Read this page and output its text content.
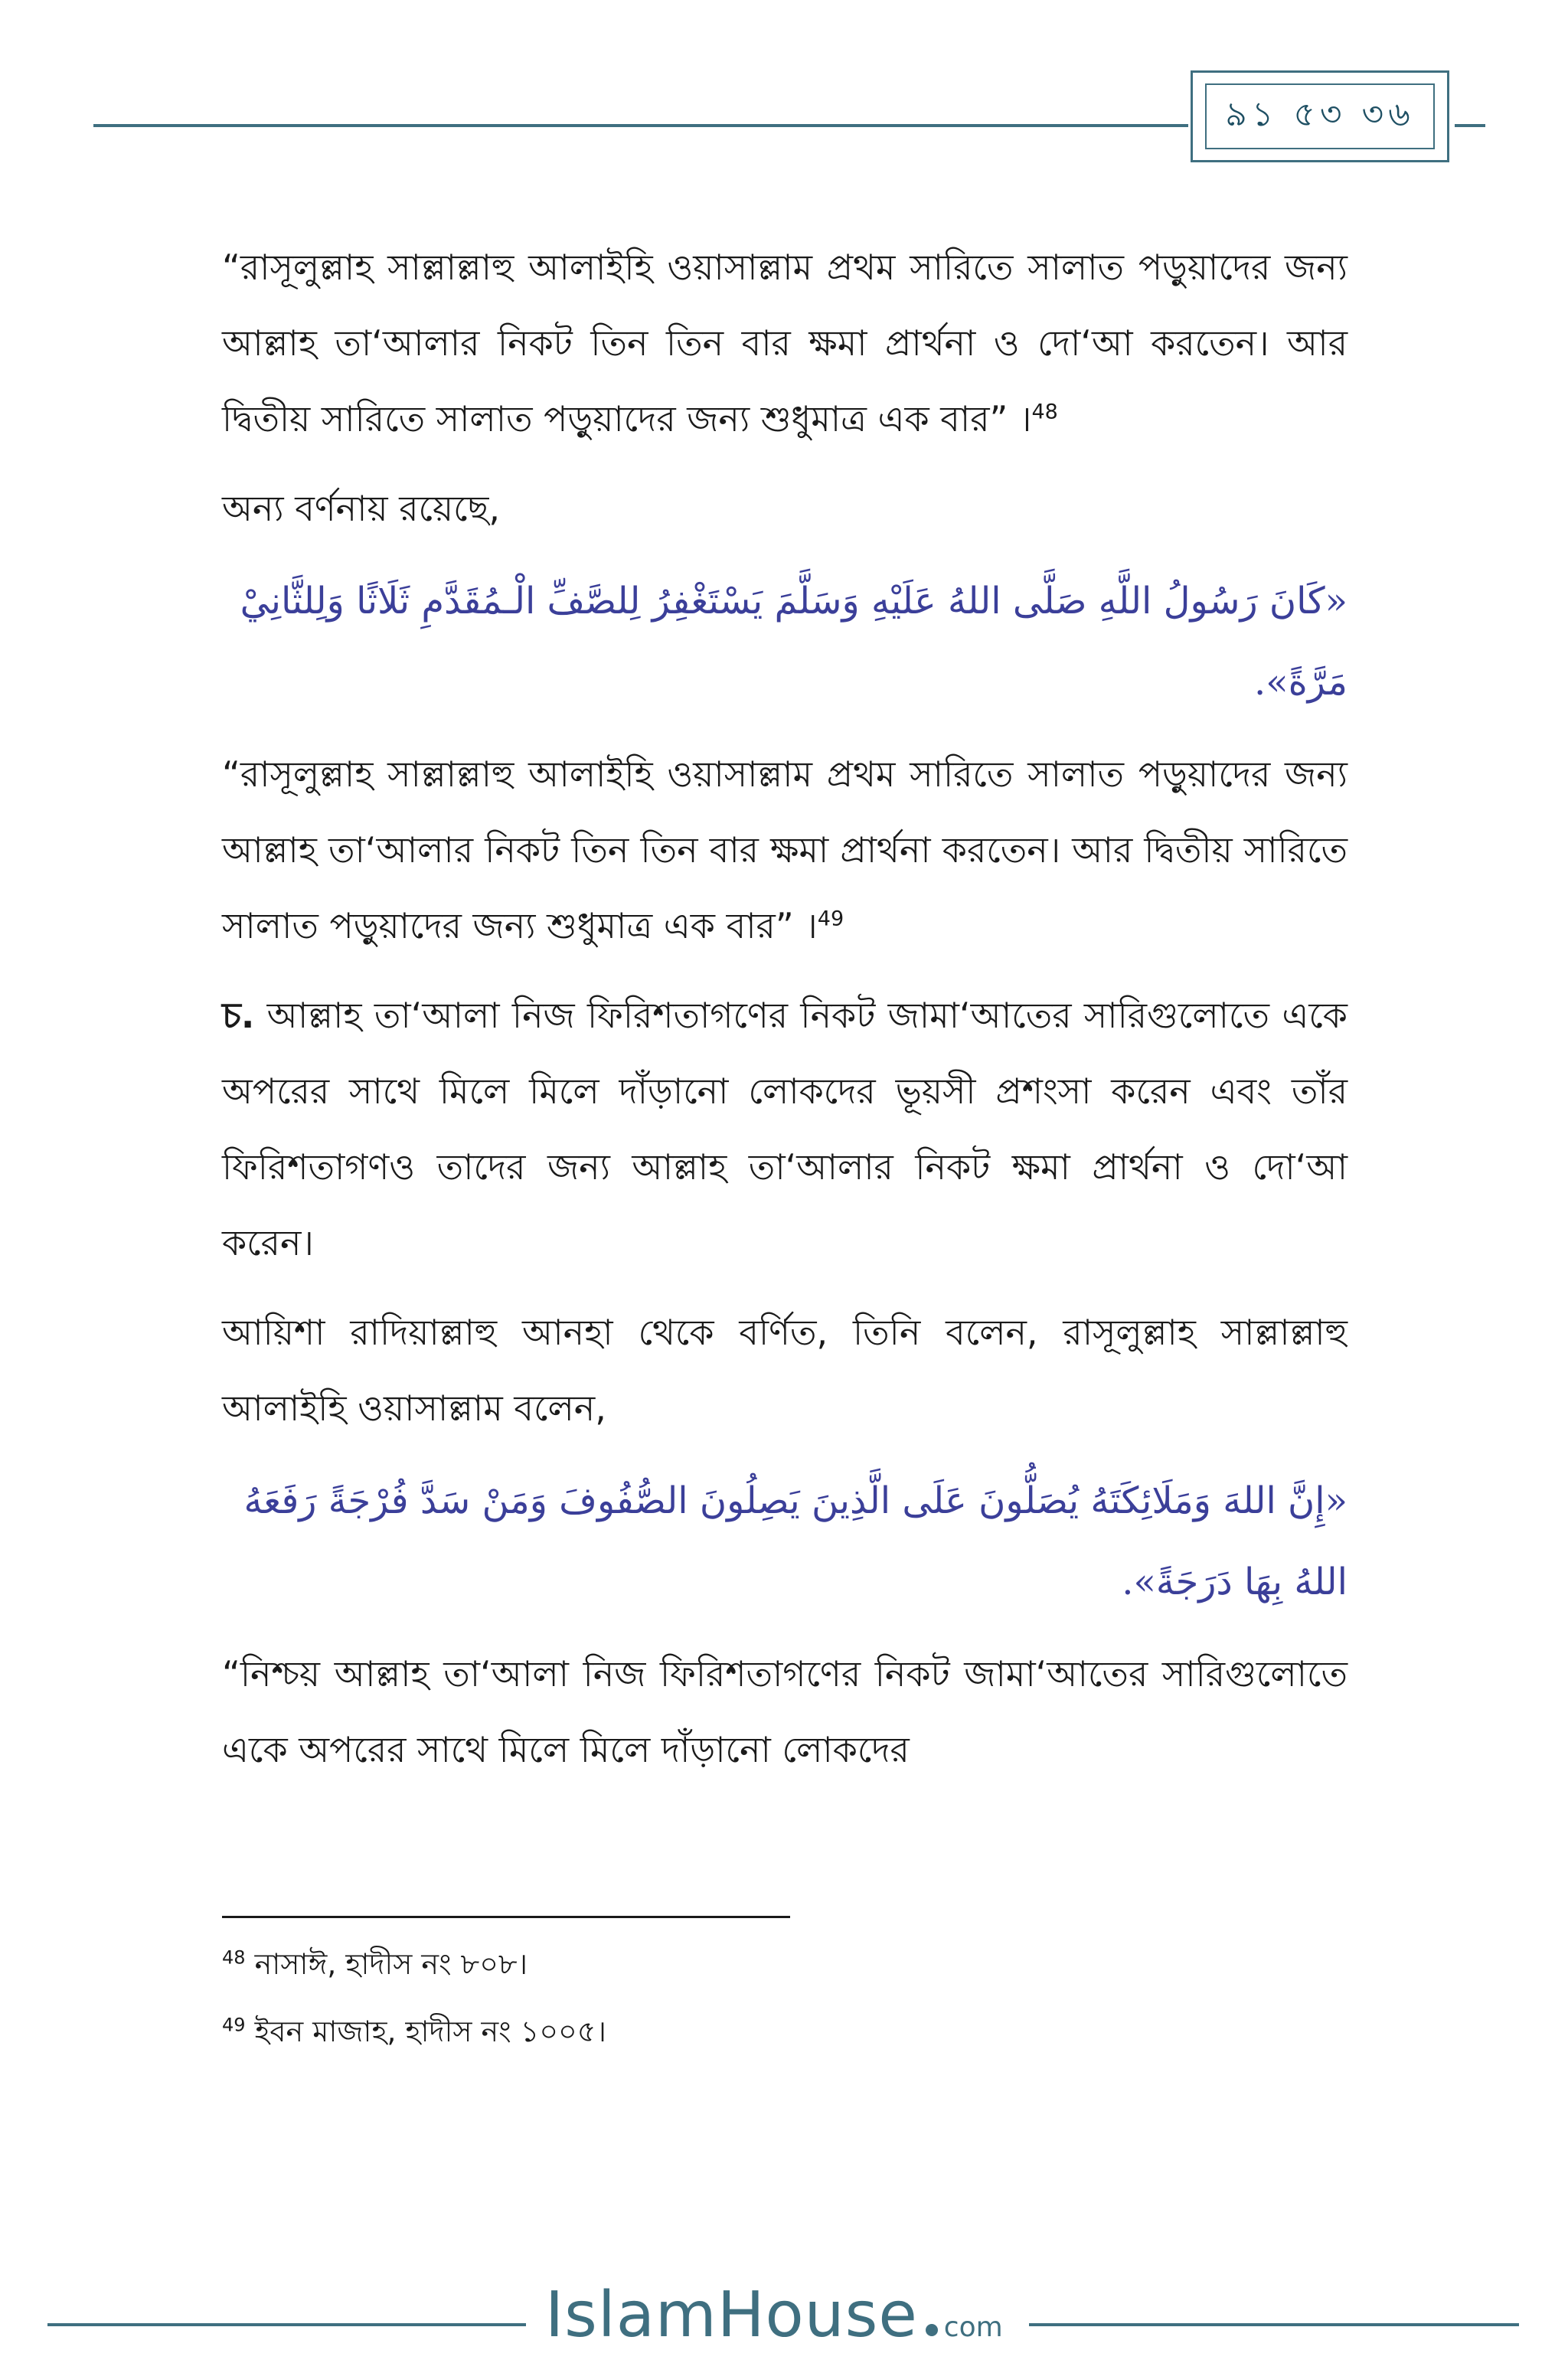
৯১ ৫৩ ৩৬

“রাসূলুল্লাহ সাল্লাল্লাহু আলাইহি ওয়াসাল্লাম প্রথম সারিতে সালাত পড়ুয়াদের জন্য আল্লাহ তা‘আলার নিকট তিন তিন বার ক্ষমা প্রার্থনা ও দো‘আ করতেন। আর দ্বিতীয় সারিতে সালাত পড়ুয়াদের জন্য শুধুমাত্র এক বার” ।$^{48}$

অন্য বর্ণনায় রয়েছে,

«كَانَ رَسُولُ اللَّهِ صَلَّى اللهُ عَلَيْهِ وَسَلَّمَ يَسْتَغْفِرُ لِلصَّفِّ الْـمُقَدَّمِ ثَلَاثًا وَلِلثَّانِيْ مَرَّةً».

“রাসূলুল্লাহ সাল্লাল্লাহু আলাইহি ওয়াসাল্লাম প্রথম সারিতে সালাত পড়ুয়াদের জন্য আল্লাহ তা‘আলার নিকট তিন তিন বার ক্ষমা প্রার্থনা করতেন। আর দ্বিতীয় সারিতে সালাত পড়ুয়াদের জন্য শুধুমাত্র এক বার” ।$^{49}$

চ. আল্লাহ তা‘আলা নিজ ফিরিশতাগণের নিকট জামা‘আতের সারিগুলোতে একে অপরের সাথে মিলে মিলে দাঁড়ানো লোকদের ভূয়সী প্রশংসা করেন এবং তাঁর ফিরিশতাগণও তাদের জন্য আল্লাহ তা‘আলার নিকট ক্ষমা প্রার্থনা ও দো‘আ করেন।

আয়িশা রাদিয়াল্লাহু আনহা থেকে বর্ণিত, তিনি বলেন, রাসূলুল্লাহ সাল্লাল্লাহু আলাইহি ওয়াসাল্লাম বলেন,

«إِنَّ اللهَ وَمَلَائِكَتَهُ يُصَلُّونَ عَلَى الَّذِينَ يَصِلُونَ الصُّفُوفَ وَمَنْ سَدَّ فُرْجَةً رَفَعَهُ اللهُ بِهَا دَرَجَةً».

“নিশ্চয় আল্লাহ তা‘আলা নিজ ফিরিশতাগণের নিকট জামা‘আতের সারিগুলোতে একে অপরের সাথে মিলে মিলে দাঁড়ানো লোকদের

$^{48}$ নাসাঈ, হাদীস নং ৮০৮।

$^{49}$ ইবন মাজাহ, হাদীস নং ১০০৫।

IslamHouse com
